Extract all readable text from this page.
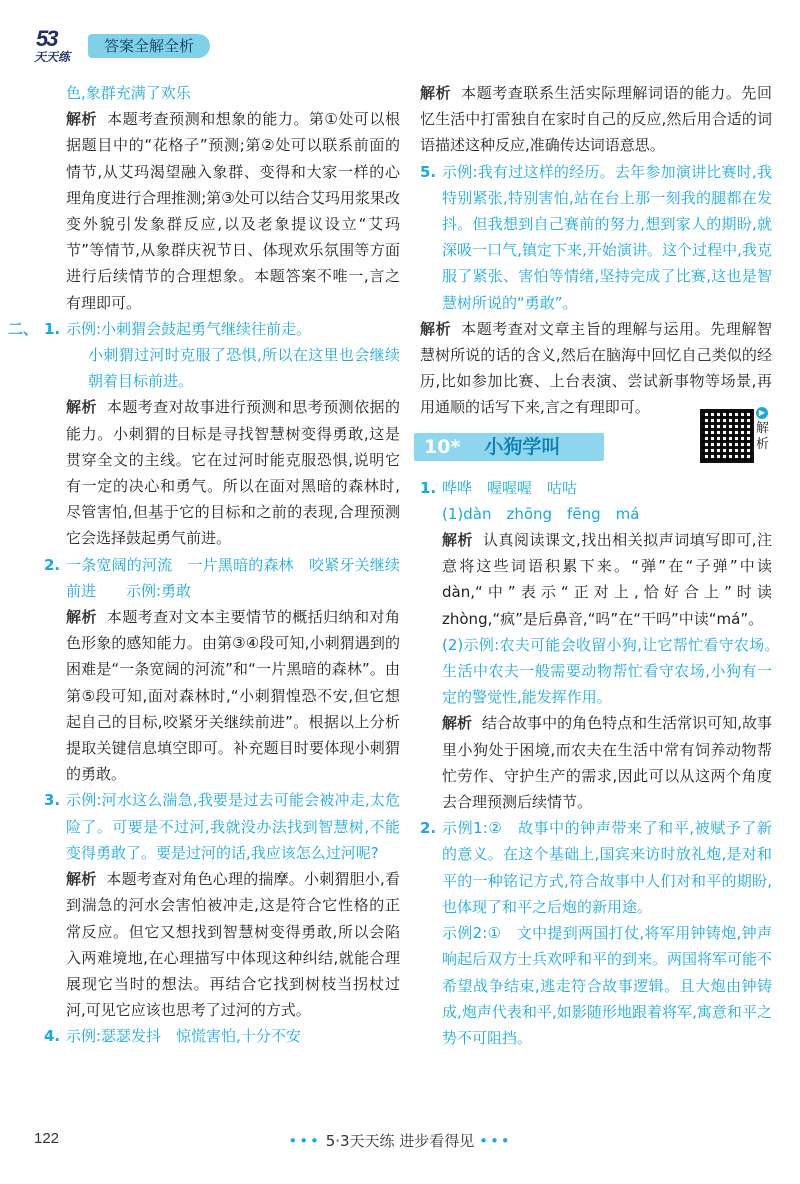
53
天天练
答案全解全析

色,象群充满了欢乐

解析 本题考查预测和想象的能力。第①处可以根据题目中的“花格子”预测;第②处可以联系前面的情节,从艾玛渴望融入象群、变得和大家一样的心理角度进行合理推测;第③处可以结合艾玛用浆果改变外貌引发象群反应,以及老象提议设立“艾玛节”等情节,从象群庆祝节日、体现欢乐氛围等方面进行后续情节的合理想象。本题答案不唯一,言之有理即可。

二、 1. 示例:小刺猬会鼓起勇气继续往前走。

小刺猬过河时克服了恐惧,所以在这里也会继续朝着目标前进。

解析 本题考查对故事进行预测和思考预测依据的能力。小刺猬的目标是寻找智慧树变得勇敢,这是贯穿全文的主线。它在过河时能克服恐惧,说明它有一定的决心和勇气。所以在面对黑暗的森林时,尽管害怕,但基于它的目标和之前的表现,合理预测它会选择鼓起勇气前进。

2. 一条宽阔的河流　一片黑暗的森林　咬紧牙关继续前进　　示例:勇敢

解析 本题考查对文本主要情节的概括归纳和对角色形象的感知能力。由第③④段可知,小刺猬遇到的困难是“一条宽阔的河流”和“一片黑暗的森林”。由第⑤段可知,面对森林时,“小刺猬惶恐不安,但它想起自己的目标,咬紧牙关继续前进”。根据以上分析提取关键信息填空即可。补充题目时要体现小刺猬的勇敢。

3. 示例:河水这么湍急,我要是过去可能会被冲走,太危险了。可要是不过河,我就没办法找到智慧树,不能变得勇敢了。要是过河的话,我应该怎么过河呢?

解析 本题考查对角色心理的揣摩。小刺猬胆小,看到湍急的河水会害怕被冲走,这是符合它性格的正常反应。但它又想找到智慧树变得勇敢,所以会陷入两难境地,在心理描写中体现这种纠结,就能合理展现它当时的想法。再结合它找到树枝当拐杖过河,可见它应该也思考了过河的方式。

4. 示例:瑟瑟发抖　惊慌害怕,十分不安

解析 本题考查联系生活实际理解词语的能力。先回忆生活中打雷独自在家时自己的反应,然后用合适的词语描述这种反应,准确传达词语意思。

5. 示例:我有过这样的经历。去年参加演讲比赛时,我特别紧张,特别害怕,站在台上那一刻我的腿都在发抖。但我想到自己赛前的努力,想到家人的期盼,就深吸一口气,镇定下来,开始演讲。这个过程中,我克服了紧张、害怕等情绪,坚持完成了比赛,这也是智慧树所说的“勇敢”。

解析 本题考查对文章主旨的理解与运用。先理解智慧树所说的话的含义,然后在脑海中回忆自己类似的经历,比如参加比赛、上台表演、尝试新事物等场景,再用通顺的话写下来,言之有理即可。

10* 小狗学叫
▶
解析
1. 哗哗　喔喔喔　咕咕

(1)dàn　zhōng　fēng　má

解析 认真阅读课文,找出相关拟声词填写即可,注意将这些词语积累下来。“弹”在“子弹”中读dàn,“中”表示“正对上,恰好合上”时读zhòng,“疯”是后鼻音,“吗”在“干吗”中读“má”。

(2)示例:农夫可能会收留小狗,让它帮忙看守农场。　生活中农夫一般需要动物帮忙看守农场,小狗有一定的警觉性,能发挥作用。

解析 结合故事中的角色特点和生活常识可知,故事里小狗处于困境,而农夫在生活中常有饲养动物帮忙劳作、守护生产的需求,因此可以从这两个角度去合理预测后续情节。

2. 示例1:②　故事中的钟声带来了和平,被赋予了新的意义。在这个基础上,国宾来访时放礼炮,是对和平的一种铭记方式,符合故事中人们对和平的期盼,也体现了和平之后炮的新用途。

示例2:①　文中提到两国打仗,将军用钟铸炮,钟声响起后双方士兵欢呼和平的到来。两国将军可能不希望战争结束,逃走符合故事逻辑。且大炮由钟铸成,炮声代表和平,如影随形地跟着将军,寓意和平之势不可阻挡。

122	••• 5·3天天练 进步看得见 •••
